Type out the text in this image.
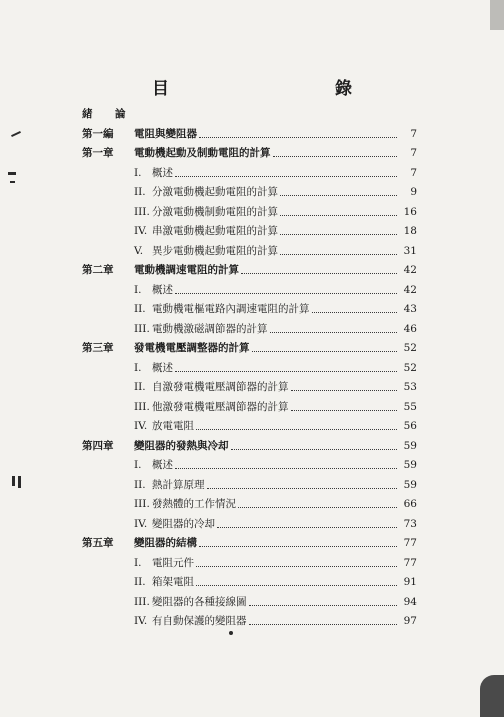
目　　錄
緒　論
第一編	電阻與變阻器	7
第一章	電動機起動及制動電阻的計算	7
I.	概述	7
II. 分激電動機起動電阻的計算	9
III. 分激電動機制動電阻的計算	16
IV. 串激電動機起動電阻的計算	18
V. 異步電動機起動電阻的計算	31
第二章	電動機調速電阻的計算	42
I.	概述	42
II. 電動機電樞電路內調速電阻的計算	43
III. 電動機激磁調節器的計算	46
第三章	發電機電壓調整器的計算	52
I.	概述	52
II. 自激發電機電壓調節器的計算	53
III. 他激發電機電壓調節器的計算	55
IV. 放電電阻	56
第四章	變阻器的發熱與冷却	59
I.	概述	59
II. 熱計算原理	59
III. 發熱體的工作情況	66
IV. 變阻器的冷却	73
第五章	變阻器的結構	77
I.	電阻元件	77
II. 箱架電阻	91
III. 變阻器的各種接線圖	94
IV. 有自動保護的變阻器	97
